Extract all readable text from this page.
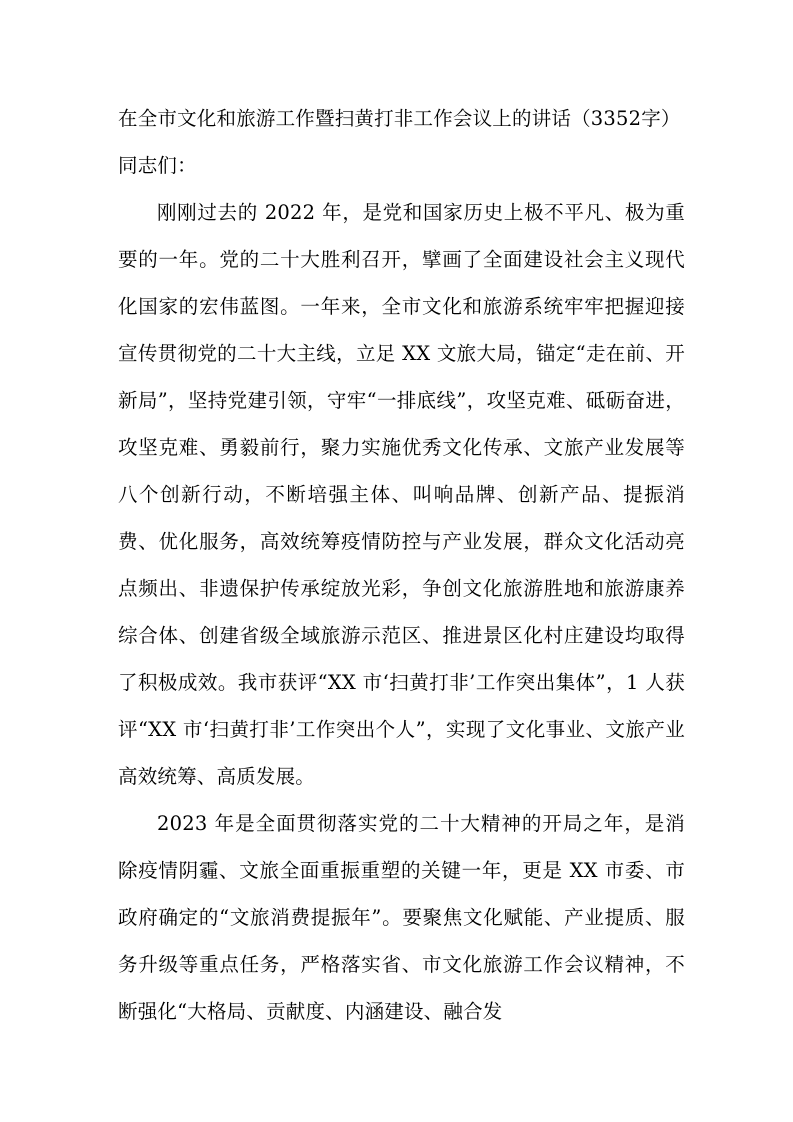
在全市文化和旅游工作暨扫黄打非工作会议上的讲话（3352字）

同志们：

刚刚过去的 2022 年，是党和国家历史上极不平凡、极为重要的一年。党的二十大胜利召开，擘画了全面建设社会主义现代化国家的宏伟蓝图。一年来，全市文化和旅游系统牢牢把握迎接宣传贯彻党的二十大主线，立足 XX 文旅大局，锚定“走在前、开新局”，坚持党建引领，守牢“一排底线”，攻坚克难、砥砺奋进，攻坚克难、勇毅前行，聚力实施优秀文化传承、文旅产业发展等八个创新行动，不断培强主体、叫响品牌、创新产品、提振消费、优化服务，高效统筹疫情防控与产业发展，群众文化活动亮点频出、非遗保护传承绽放光彩，争创文化旅游胜地和旅游康养综合体、创建省级全域旅游示范区、推进景区化村庄建设均取得了积极成效。我市获评“XX 市‘扫黄打非’工作突出集体”，1 人获评“XX 市‘扫黄打非’工作突出个人”，实现了文化事业、文旅产业高效统筹、高质发展。

2023 年是全面贯彻落实党的二十大精神的开局之年，是消除疫情阴霾、文旅全面重振重塑的关键一年，更是 XX 市委、市政府确定的“文旅消费提振年”。要聚焦文化赋能、产业提质、服务升级等重点任务，严格落实省、市文化旅游工作会议精神，不断强化“大格局、贡献度、内涵建设、融合发
